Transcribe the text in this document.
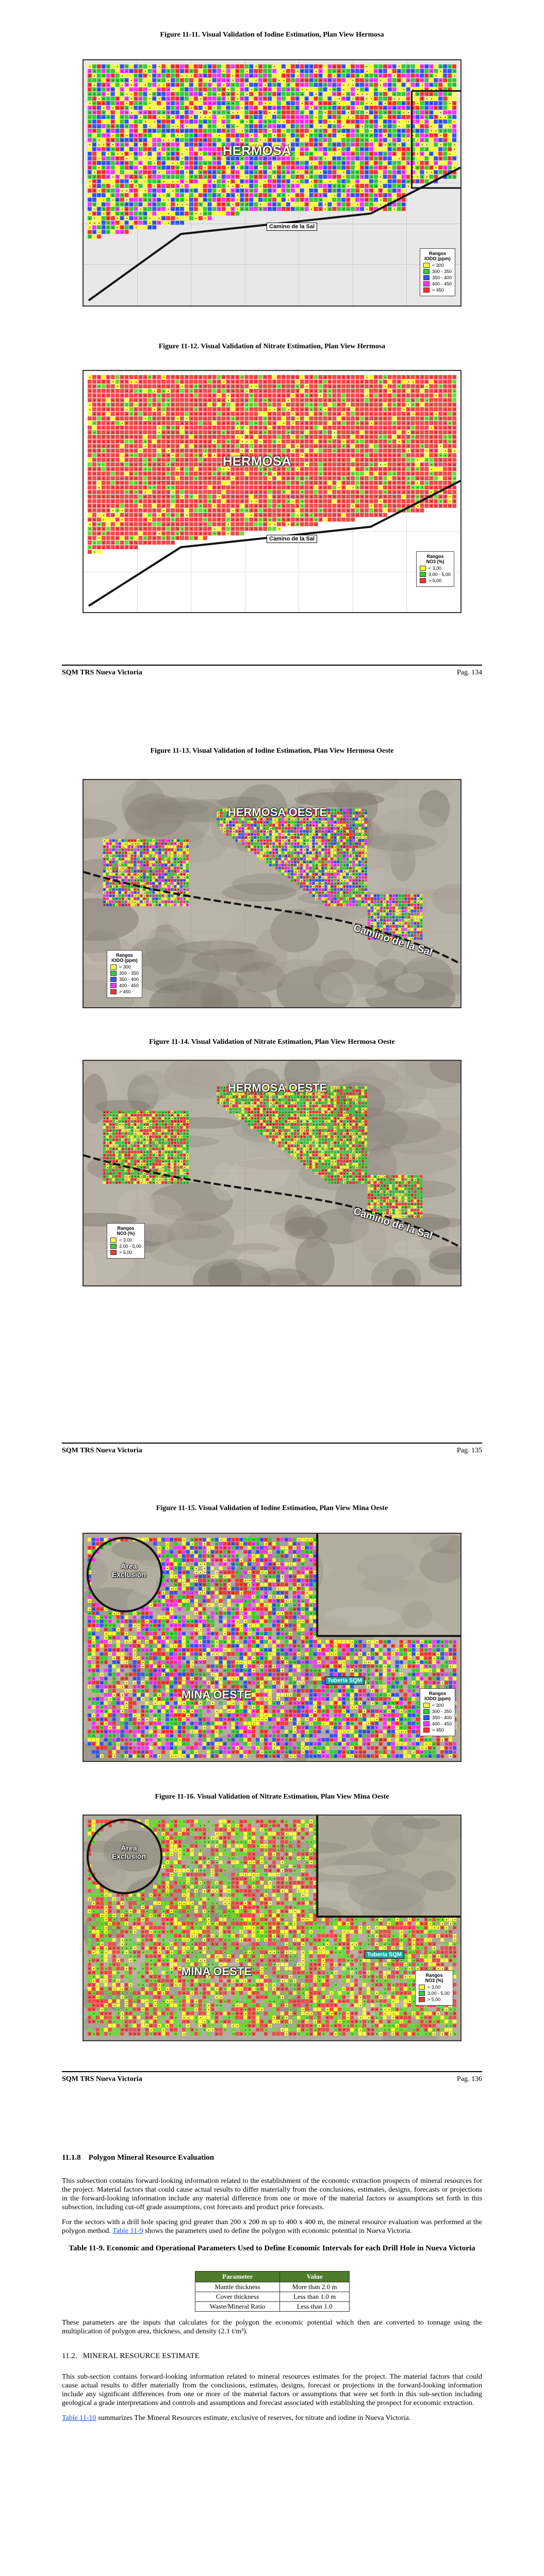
Figure 11-11. Visual Validation of Iodine Estimation, Plan View Hermosa
HERMOSA
Camino de la Sal
Rangos
IODO (ppm)
< 300
300 - 350
350 - 400
400 - 450
> 450
Figure 11-12. Visual Validation of Nitrate Estimation, Plan View Hermosa
HERMOSA
Camino de la Sal
Rangos
NO3 (%)
< 3,00
3,00 - 5,00
> 5,00
SQM TRS Nueva Victoria	Pag. 134
Figure 11-13. Visual Validation of Iodine Estimation, Plan View Hermosa Oeste
HERMOSA OESTE
Camino de la Sal
Rangos
IODO (ppm)
< 300
300 - 350
350 - 400
400 - 450
> 450
Figure 11-14. Visual Validation of Nitrate Estimation, Plan View Hermosa Oeste
HERMOSA OESTE
Camino de la Sal
Rangos
NO3 (%)
< 3,00
3,00 - 5,00
> 5,00
SQM TRS Nueva Victoria	Pag. 135
Figure 11-15. Visual Validation of Iodine Estimation, Plan View Mina Oeste
Área
Exclusión
Tubería SQM
MINA OESTE	Rangos
IODO (ppm)
< 300
300 - 350
350 - 400
400 - 450
> 450
Figure 11-16. Visual Validation of Nitrate Estimation, Plan View Mina Oeste
Área
Exclusión
Tubería SQM
MINA OESTE	Rangos
NO3 (%)
< 3,00
3,00 - 5,00
> 5,00
SQM TRS Nueva Victoria	Pag. 136
11.1.8    Polygon Mineral Resource Evaluation
This subsection contains forward-looking information related to the establishment of the economic extraction prospects of mineral resources for the project. Material factors that could cause actual results to differ materially from the conclusions, estimates, designs, forecasts or projections in the forward-looking information include any material difference from one or more of the material factors or assumptions set forth in this subsection, including cut-off grade assumptions, cost forecasts and product price forecasts.
For the sectors with a drill hole spacing grid greater than 200 x 200 m up to 400 x 400 m, the mineral resource evaluation was performed at the polygon method. Table 11-9 shows the parameters used to define the polygon with economic potential in Nueva Victoria.
Table 11-9. Economic and Operational Parameters Used to Define Economic Intervals for each Drill Hole in Nueva Victoria
Parameter	Value
Mantle thickness	More than 2.0 m
Cover thickness	Less than 1.0 m
Waste/Mineral Ratio	Less than 1.0
These parameters are the inputs that calculates for the polygon the economic potential which then are converted to tonnage using the multiplication of polygon area, thickness, and density (2.1 t/m³).
11.2.   MINERAL RESOURCE ESTIMATE
This sub-section contains forward-looking information related to mineral resources estimates for the project. The material factors that could cause actual results to differ materially from the conclusions, estimates, designs, forecast or projections in the forward-looking information include any significant differences from one or more of the material factors or assumptions that were set forth in this sub-section including geological a grade interpretations and controls and assumptions and forecast associated with establishing the prospect for economic extraction.
Table 11-10 summarizes The Mineral Resources estimate, exclusive of reserves, for nitrate and iodine in Nueva Victoria.
